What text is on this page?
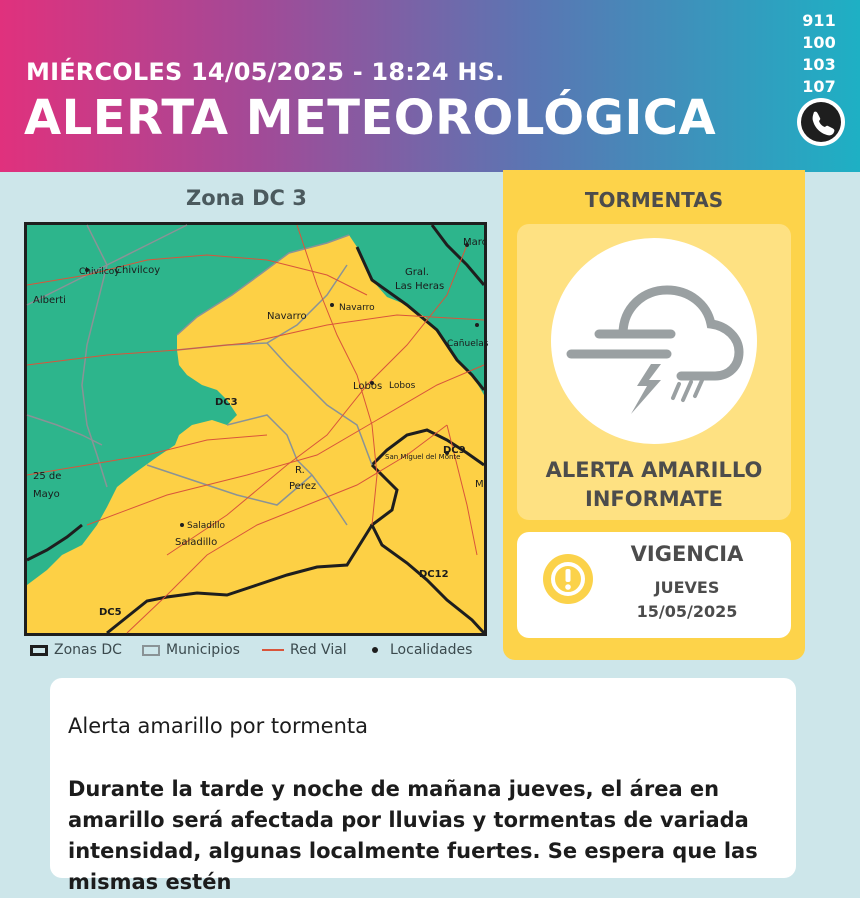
MIÉRCOLES 14/05/2025 - 18:24 HS.
ALERTA METEOROLÓGICA
911
100
103
107
Zona DC 3
Chivilcoy
Chivilcoy
Alberti
Navarro
Navarro
Gral.
Las Heras
Lobos Lobos
Cañuelas
25 de
Mayo
R.
Perez
Saladillo
Saladillo
San Miguel del Monte
Marc
M
DC3
DC9
DC12
DC5
Zonas DC	Municipios	Red Vial	Localidades
TORMENTAS
ALERTA AMARILLO
INFORMATE
VIGENCIA
JUEVES
15/05/2025
Alerta amarillo por tormenta
Durante la tarde y noche de mañana jueves, el área en amarillo será afectada por lluvias y tormentas de variada intensidad, algunas localmente fuertes. Se espera que las mismas estén
